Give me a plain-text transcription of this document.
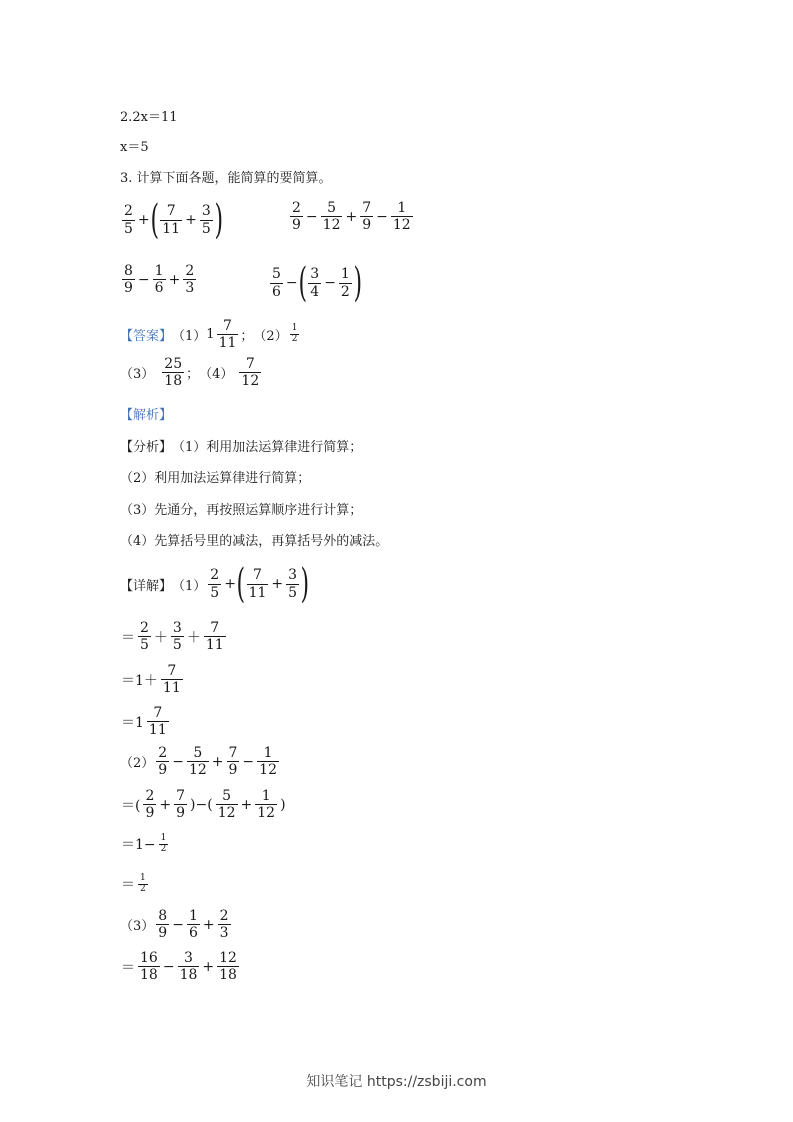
2.2x＝11
x＝5
3. 计算下面各题，能简算的要简算。
$\frac{2}{5}$ + ( $\frac{7}{11} + \frac{3}{5}$ )	$\frac{2}{9} - \frac{5}{12} + \frac{7}{9} - \frac{1}{12}$
$\frac{8}{9} - \frac{1}{6} + \frac{2}{3}$	$\frac{5}{6}$ − ( $\frac{3}{4} - \frac{1}{2}$ )
【答案】 （1） $1 \frac{7}{11}$ ； $(2) \frac{1}{2}$
$(3) \frac{25}{18}$ ； $(4) \frac{7}{12}$
【解析】
【分析】 （1） 利用加法运算律进行简算；
（2）利用加法运算律进行简算；
（3）先通分，再按照运算顺序进行计算；
（4）先算括号里的减法，再算括号外的减法。
【详解】 $(1) \frac{2}{5}$ + ( $\frac{7}{11} + \frac{3}{5}$ )
＝ $\frac{2}{5} + \frac{3}{5} + \frac{7}{11}$
$=1+ \frac{7}{11}$
$=1 \frac{7}{11}$
$(2) \frac{2}{9} - \frac{5}{12} + \frac{7}{9} - \frac{1}{12}$
＝( $\frac{2}{9} + \frac{7}{9}$ )−( $\frac{5}{12} + \frac{1}{12}$ )
$=1- \frac{1}{2}$
＝ $\frac{1}{2}$
$(3) \frac{8}{9} - \frac{1}{6} + \frac{2}{3}$
＝ $\frac{16}{18} - \frac{3}{18} + \frac{12}{18}$
知识笔记 https://zsbiji.com
